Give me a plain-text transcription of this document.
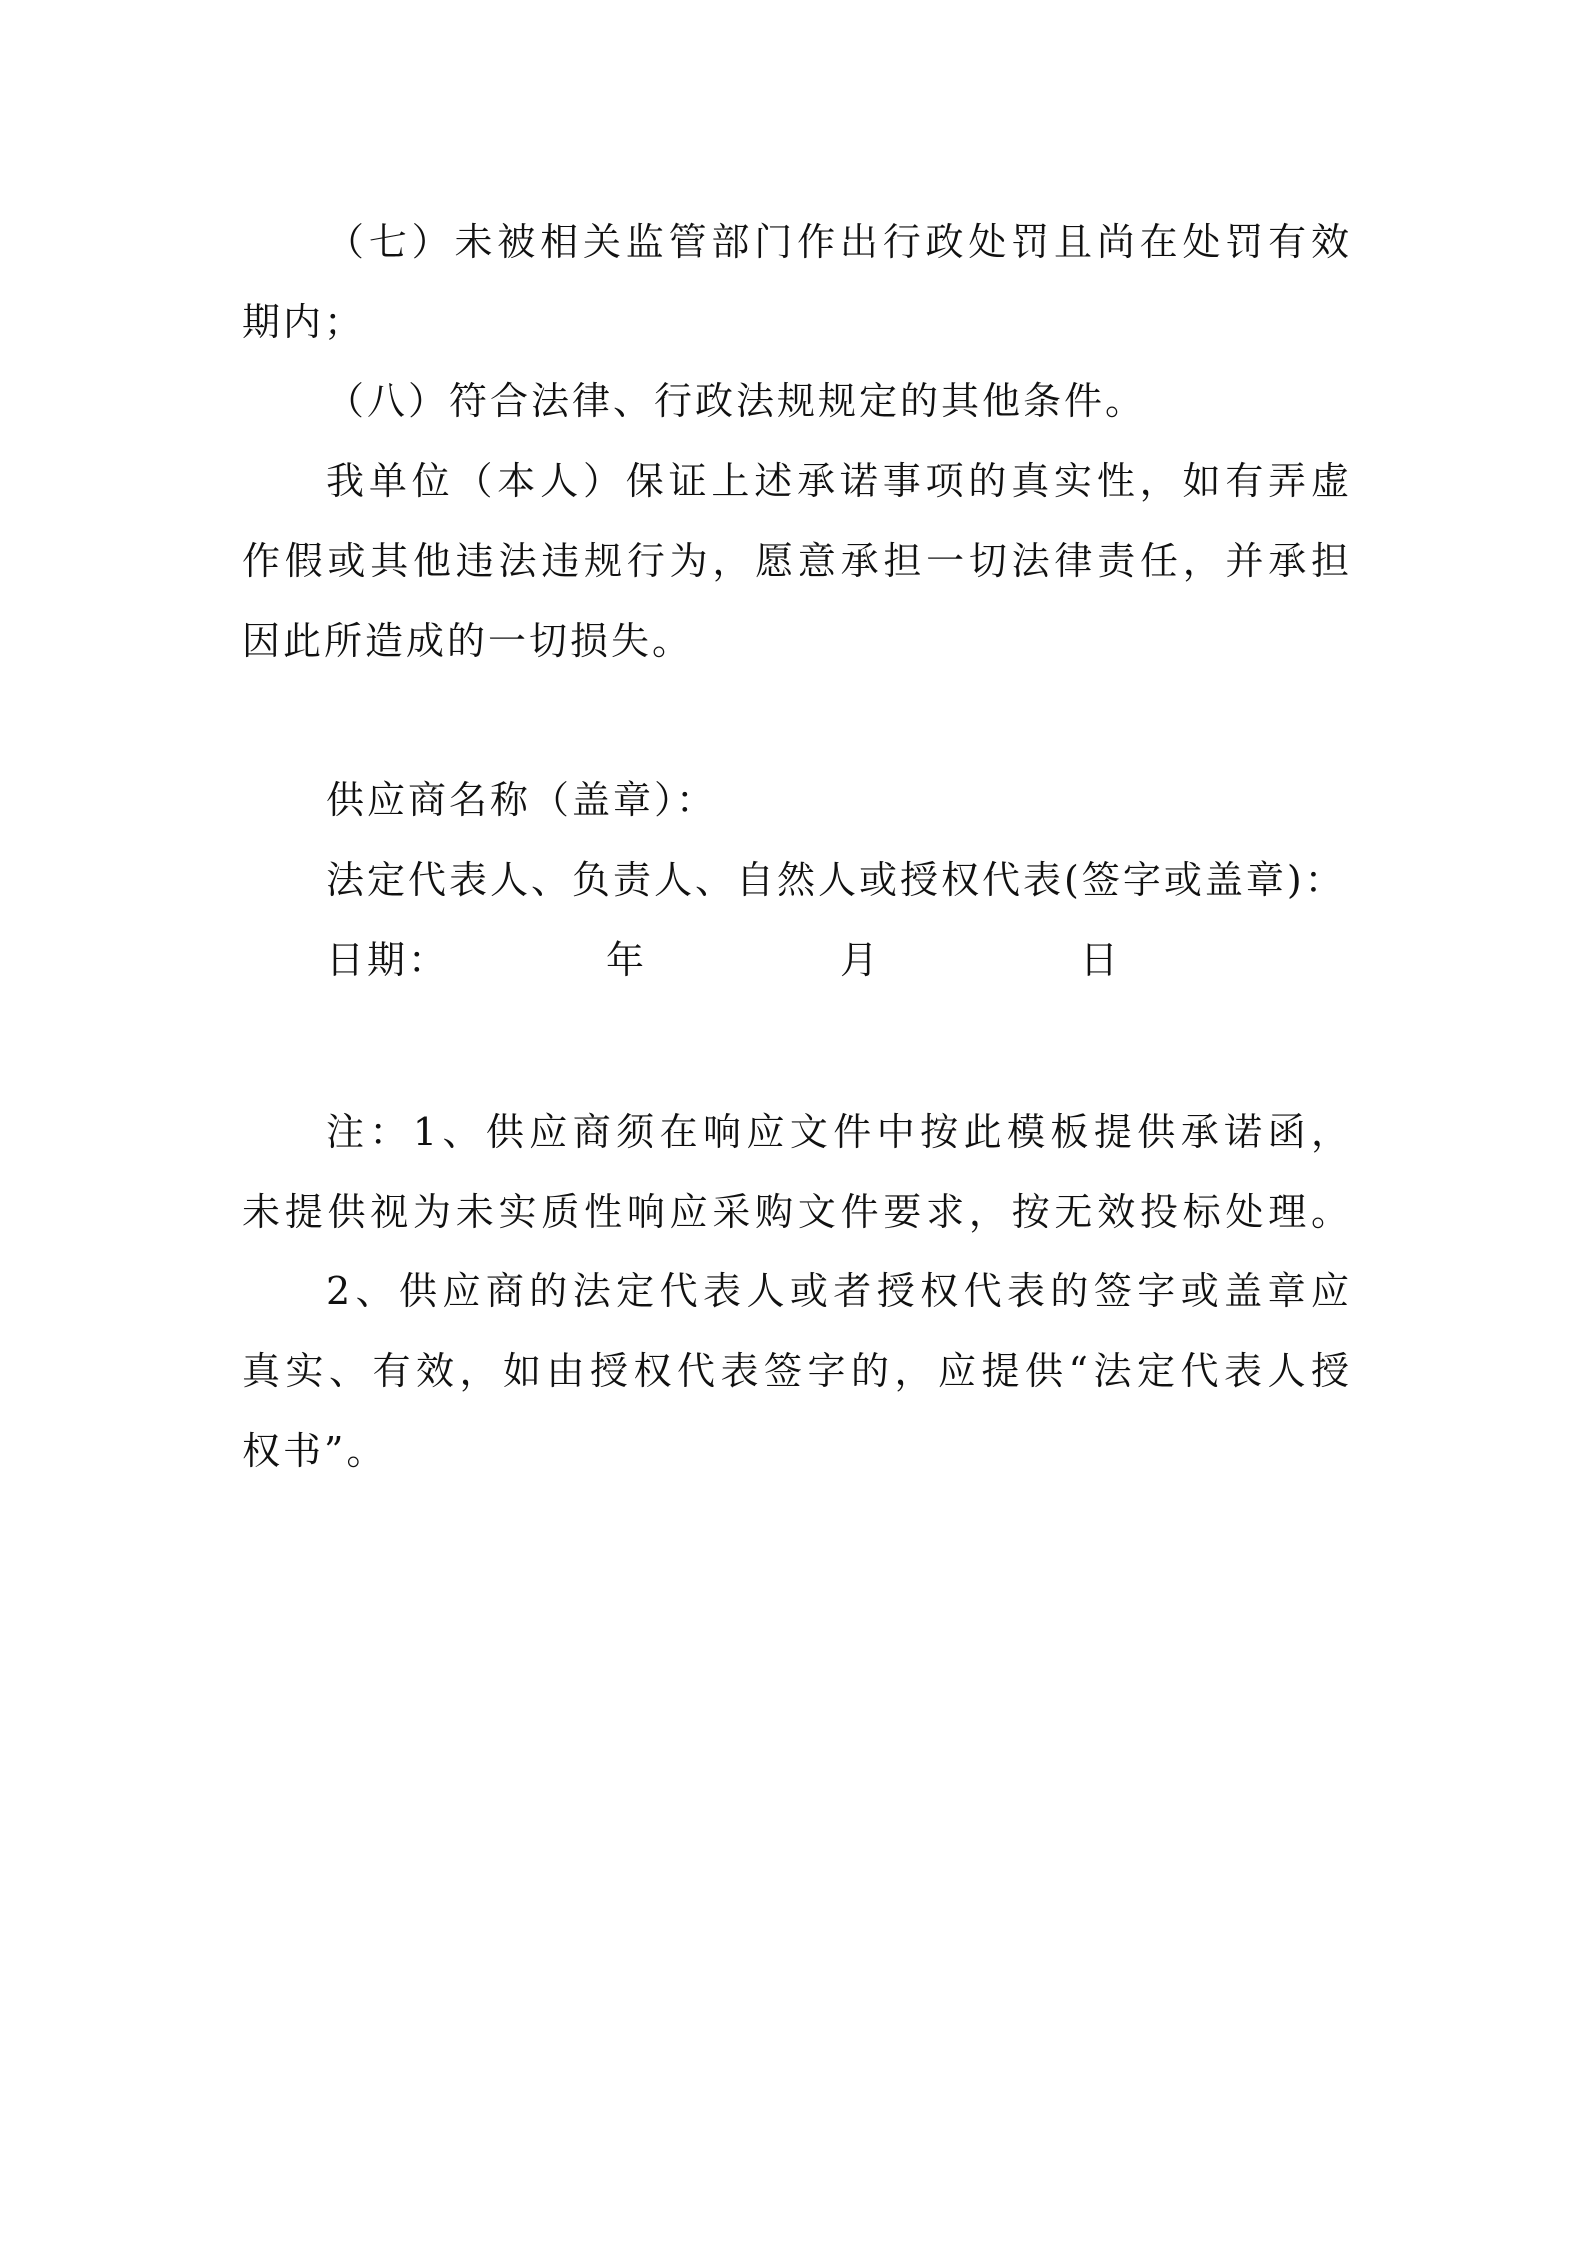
（七）未被相关监管部门作出行政处罚且尚在处罚有效
期内；
（八）符合法律、行政法规规定的其他条件。
我单位（本人）保证上述承诺事项的真实性，如有弄虚
作假或其他违法违规行为，愿意承担一切法律责任，并承担
因此所造成的一切损失。
供应商名称（盖章）：
法定代表人、负责人、自然人或授权代表(签字或盖章)：
日期：	年	月	日
注：1、供应商须在响应文件中按此模板提供承诺函，
未提供视为未实质性响应采购文件要求，按无效投标处理。
2、供应商的法定代表人或者授权代表的签字或盖章应
真实、有效，如由授权代表签字的，应提供“法定代表人授
权书”。
